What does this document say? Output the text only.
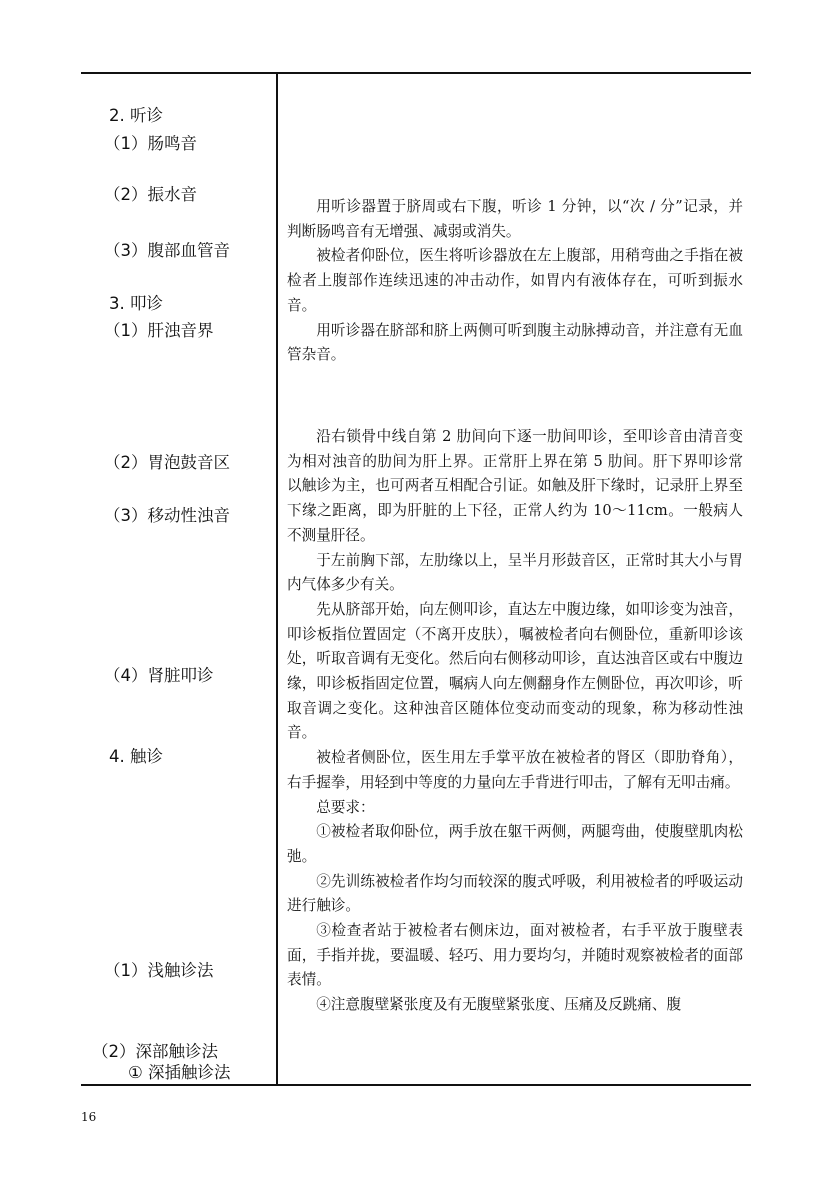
2. 听诊
（1）肠鸣音
（2）振水音
（3）腹部血管音
3. 叩诊
（1）肝浊音界
（2）胃泡鼓音区
（3）移动性浊音
（4）肾脏叩诊
4. 触诊
（1）浅触诊法
（2）深部触诊法
① 深插触诊法

用听诊器置于脐周或右下腹，听诊 1 分钟，以“次 / 分”记录，并判断肠鸣音有无增强、减弱或消失。

被检者仰卧位，医生将听诊器放在左上腹部，用稍弯曲之手指在被检者上腹部作连续迅速的冲击动作，如胃内有液体存在，可听到振水音。

用听诊器在脐部和脐上两侧可听到腹主动脉搏动音，并注意有无血管杂音。

沿右锁骨中线自第 2 肋间向下逐一肋间叩诊，至叩诊音由清音变为相对浊音的肋间为肝上界。正常肝上界在第 5 肋间。肝下界叩诊常以触诊为主，也可两者互相配合引证。如触及肝下缘时，记录肝上界至下缘之距离，即为肝脏的上下径，正常人约为 10～11cm。一般病人不测量肝径。

于左前胸下部，左肋缘以上，呈半月形鼓音区，正常时其大小与胃内气体多少有关。

先从脐部开始，向左侧叩诊，直达左中腹边缘，如叩诊变为浊音，叩诊板指位置固定（不离开皮肤），嘱被检者向右侧卧位，重新叩诊该处，听取音调有无变化。然后向右侧移动叩诊，直达浊音区或右中腹边缘，叩诊板指固定位置，嘱病人向左侧翻身作左侧卧位，再次叩诊，听取音调之变化。这种浊音区随体位变动而变动的现象，称为移动性浊音。

被检者侧卧位，医生用左手掌平放在被检者的肾区（即肋脊角），右手握拳，用轻到中等度的力量向左手背进行叩击，了解有无叩击痛。

总要求：

①被检者取仰卧位，两手放在躯干两侧，两腿弯曲，使腹壁肌肉松弛。

②先训练被检者作均匀而较深的腹式呼吸，利用被检者的呼吸运动进行触诊。

③检查者站于被检者右侧床边，面对被检者，右手平放于腹壁表面，手指并拢，要温暖、轻巧、用力要均匀，并随时观察被检者的面部表情。

④注意腹壁紧张度及有无腹壁紧张度、压痛及反跳痛、腹

16
